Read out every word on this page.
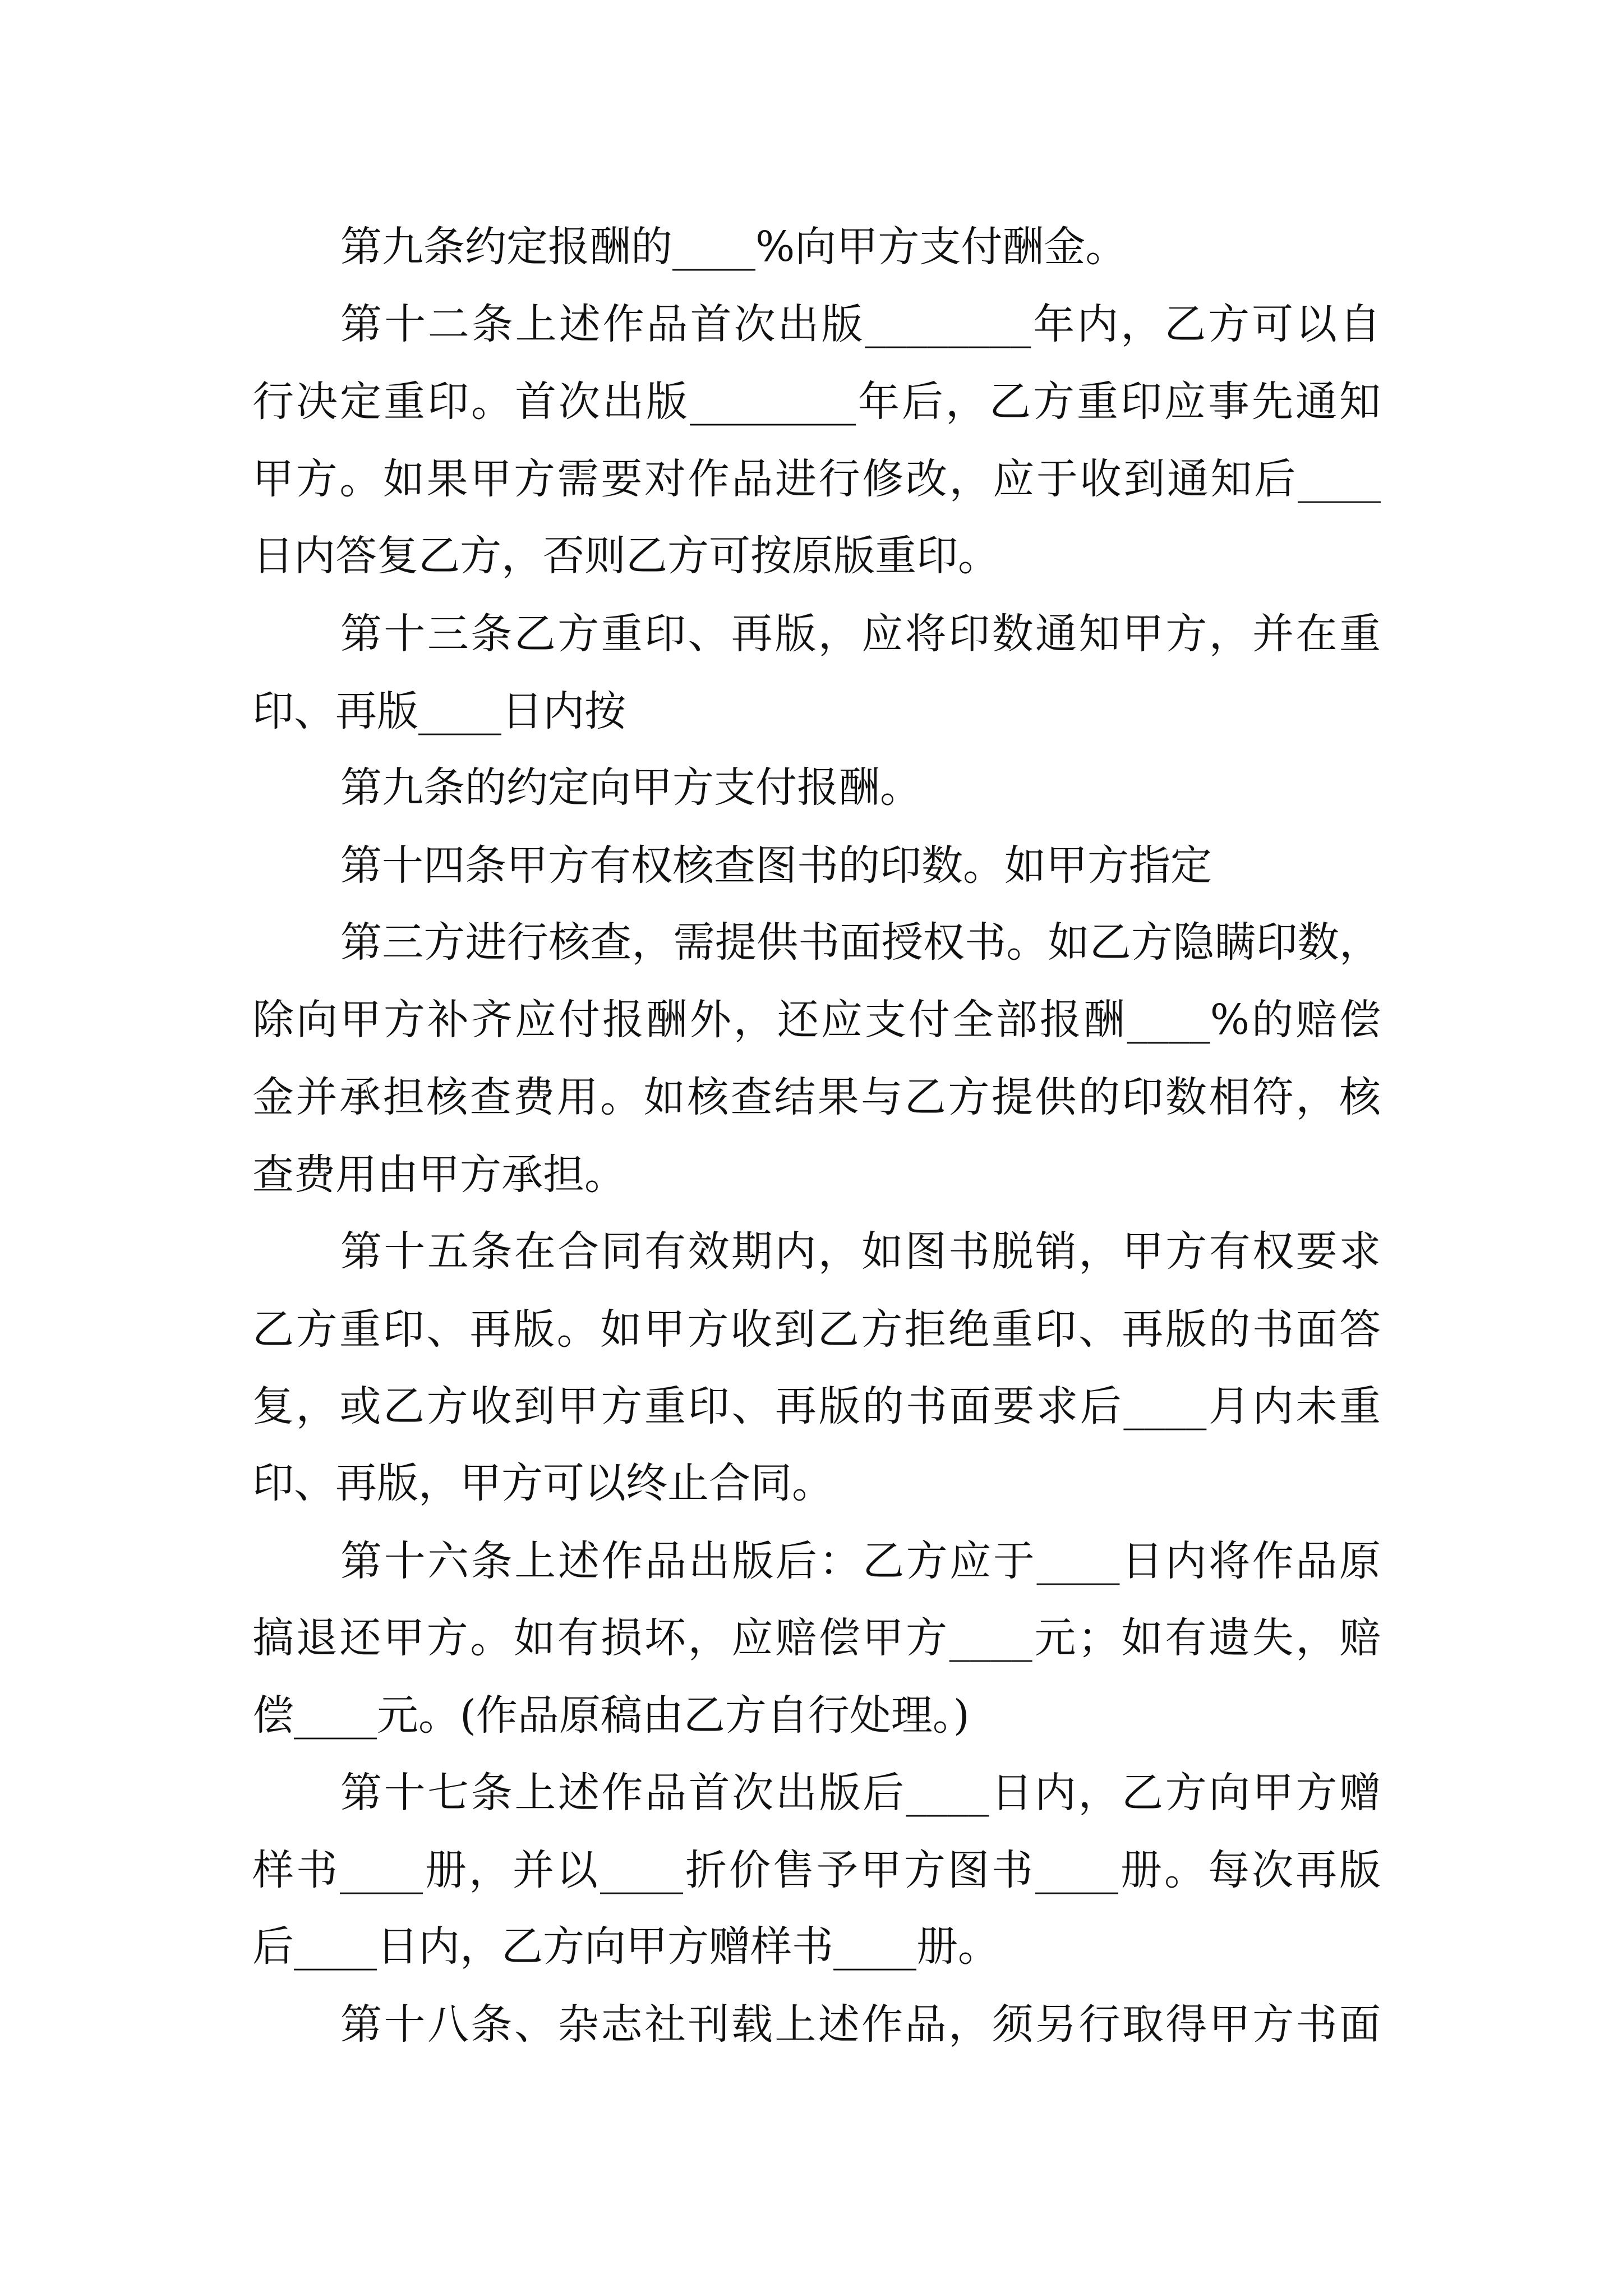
第九条约定报酬的____%向甲方支付酬金。
第十二条上述作品首次出版________年内，乙方可以自
行决定重印。首次出版________年后，乙方重印应事先通知
甲方。如果甲方需要对作品进行修改，应于收到通知后____
日内答复乙方，否则乙方可按原版重印。
第十三条乙方重印、再版，应将印数通知甲方，并在重
印、再版____日内按
第九条的约定向甲方支付报酬。
第十四条甲方有权核查图书的印数。如甲方指定
第三方进行核查，需提供书面授权书。如乙方隐瞒印数，
除向甲方补齐应付报酬外，还应支付全部报酬____%的赔偿
金并承担核查费用。如核查结果与乙方提供的印数相符，核
查费用由甲方承担。
第十五条在合同有效期内，如图书脱销，甲方有权要求
乙方重印、再版。如甲方收到乙方拒绝重印、再版的书面答
复，或乙方收到甲方重印、再版的书面要求后____月内未重
印、再版，甲方可以终止合同。
第十六条上述作品出版后：乙方应于____日内将作品原
搞退还甲方。如有损坏，应赔偿甲方____元；如有遗失，赔
偿____元。(作品原稿由乙方自行处理。)
第十七条上述作品首次出版后____日内，乙方向甲方赠
样书____册，并以____折价售予甲方图书____册。每次再版
后____日内，乙方向甲方赠样书____册。
第十八条、杂志社刊载上述作品，须另行取得甲方书面
